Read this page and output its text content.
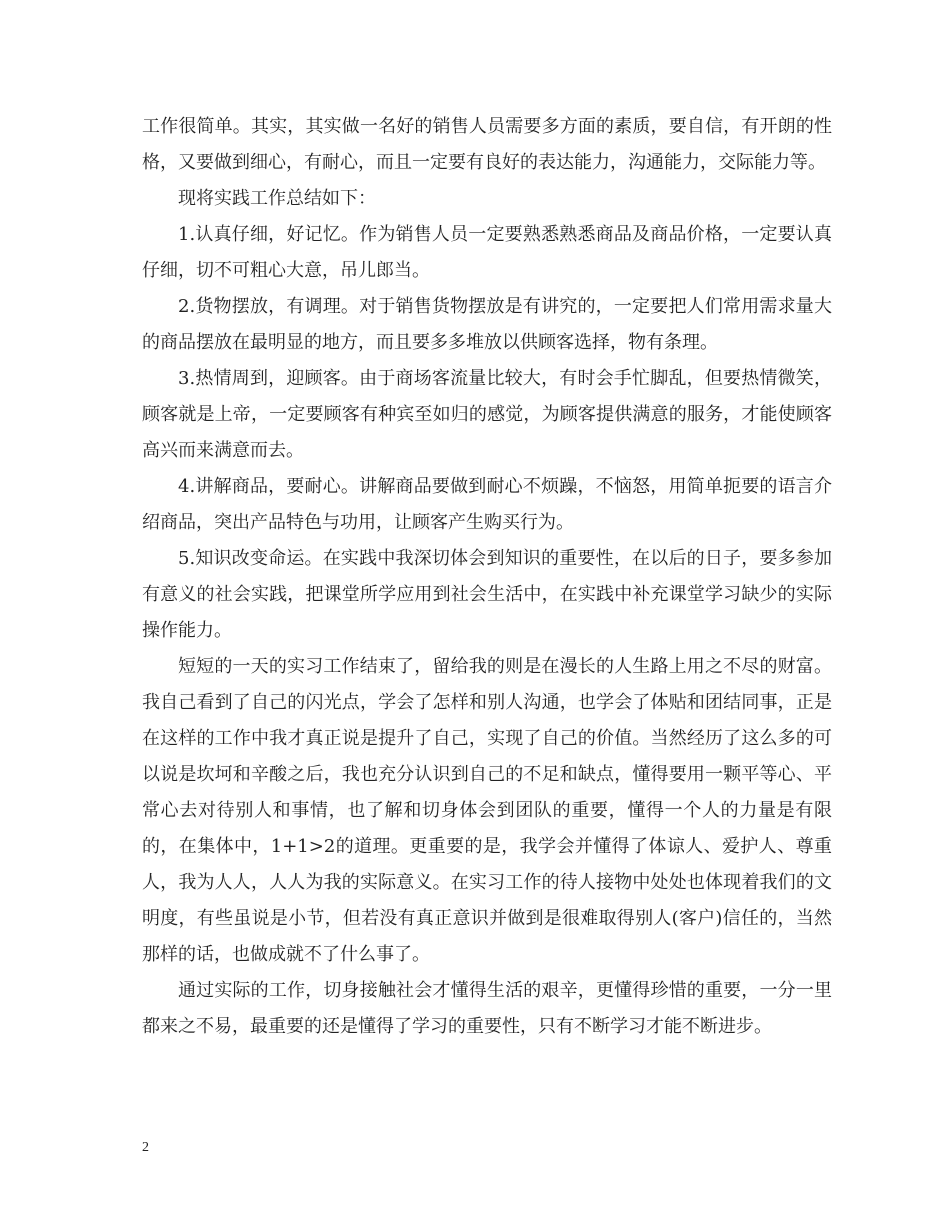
工作很简单。其实，其实做一名好的销售人员需要多方面的素质，要自信，有开朗的性格，又要做到细心，有耐心，而且一定要有良好的表达能力，沟通能力，交际能力等。

现将实践工作总结如下：

1.认真仔细，好记忆。作为销售人员一定要熟悉熟悉商品及商品价格，一定要认真仔细，切不可粗心大意，吊儿郎当。

2.货物摆放，有调理。对于销售货物摆放是有讲究的，一定要把人们常用需求量大的商品摆放在最明显的地方，而且要多多堆放以供顾客选择，物有条理。

3.热情周到，迎顾客。由于商场客流量比较大，有时会手忙脚乱，但要热情微笑，顾客就是上帝，一定要顾客有种宾至如归的感觉，为顾客提供满意的服务，才能使顾客高兴而来满意而去。

4.讲解商品，要耐心。讲解商品要做到耐心不烦躁，不恼怒，用简单扼要的语言介绍商品，突出产品特色与功用，让顾客产生购买行为。

5.知识改变命运。在实践中我深切体会到知识的重要性，在以后的日子，要多参加有意义的社会实践，把课堂所学应用到社会生活中，在实践中补充课堂学习缺少的实际操作能力。

短短的一天的实习工作结束了，留给我的则是在漫长的人生路上用之不尽的财富。我自己看到了自己的闪光点，学会了怎样和别人沟通，也学会了体贴和团结同事，正是在这样的工作中我才真正说是提升了自己，实现了自己的价值。当然经历了这么多的可以说是坎坷和辛酸之后，我也充分认识到自己的不足和缺点，懂得要用一颗平等心、平常心去对待别人和事情，也了解和切身体会到团队的重要，懂得一个人的力量是有限的，在集体中，1+1>2的道理。更重要的是，我学会并懂得了体谅人、爱护人、尊重人，我为人人，人人为我的实际意义。在实习工作的待人接物中处处也体现着我们的文明度，有些虽说是小节，但若没有真正意识并做到是很难取得别人(客户)信任的，当然那样的话，也做成就不了什么事了。

通过实际的工作，切身接触社会才懂得生活的艰辛，更懂得珍惜的重要，一分一里都来之不易，最重要的还是懂得了学习的重要性，只有不断学习才能不断进步。

2
